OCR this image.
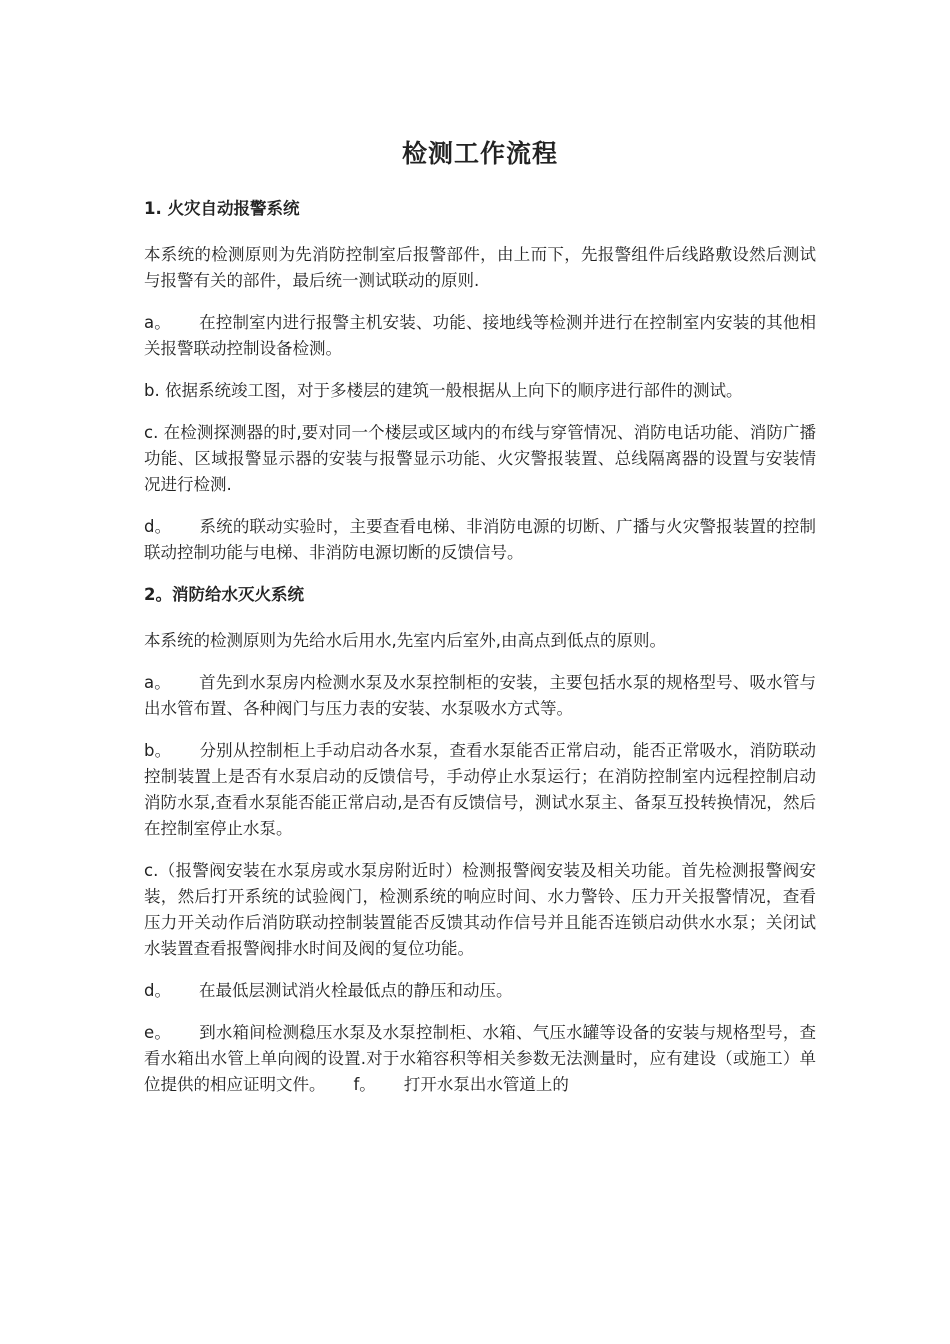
检测工作流程
1. 火灾自动报警系统

本系统的检测原则为先消防控制室后报警部件，由上而下，先报警组件后线路敷设然后测试与报警有关的部件，最后统一测试联动的原则.

a。 在控制室内进行报警主机安装、功能、接地线等检测并进行在控制室内安装的其他相关报警联动控制设备检测。

b. 依据系统竣工图，对于多楼层的建筑一般根据从上向下的顺序进行部件的测试。

c. 在检测探测器的时,要对同一个楼层或区域内的布线与穿管情况、消防电话功能、消防广播功能、区域报警显示器的安装与报警显示功能、火灾警报装置、总线隔离器的设置与安装情况进行检测.

d。 系统的联动实验时，主要查看电梯、非消防电源的切断、广播与火灾警报装置的控制联动控制功能与电梯、非消防电源切断的反馈信号。

2。消防给水灭火系统

本系统的检测原则为先给水后用水,先室内后室外,由高点到低点的原则。

a。 首先到水泵房内检测水泵及水泵控制柜的安装，主要包括水泵的规格型号、吸水管与出水管布置、各种阀门与压力表的安装、水泵吸水方式等。

b。 分别从控制柜上手动启动各水泵，查看水泵能否正常启动，能否正常吸水，消防联动控制装置上是否有水泵启动的反馈信号，手动停止水泵运行；在消防控制室内远程控制启动消防水泵,查看水泵能否能正常启动,是否有反馈信号，测试水泵主、备泵互投转换情况，然后在控制室停止水泵。

c.（报警阀安装在水泵房或水泵房附近时）检测报警阀安装及相关功能。首先检测报警阀安装，然后打开系统的试验阀门，检测系统的响应时间、水力警铃、压力开关报警情况，查看压力开关动作后消防联动控制装置能否反馈其动作信号并且能否连锁启动供水水泵；关闭试水装置查看报警阀排水时间及阀的复位功能。

d。 在最低层测试消火栓最低点的静压和动压。

e。 到水箱间检测稳压水泵及水泵控制柜、水箱、气压水罐等设备的安装与规格型号，查看水箱出水管上单向阀的设置.对于水箱容积等相关参数无法测量时，应有建设（或施工）单位提供的相应证明文件。 f。 打开水泵出水管道上的
